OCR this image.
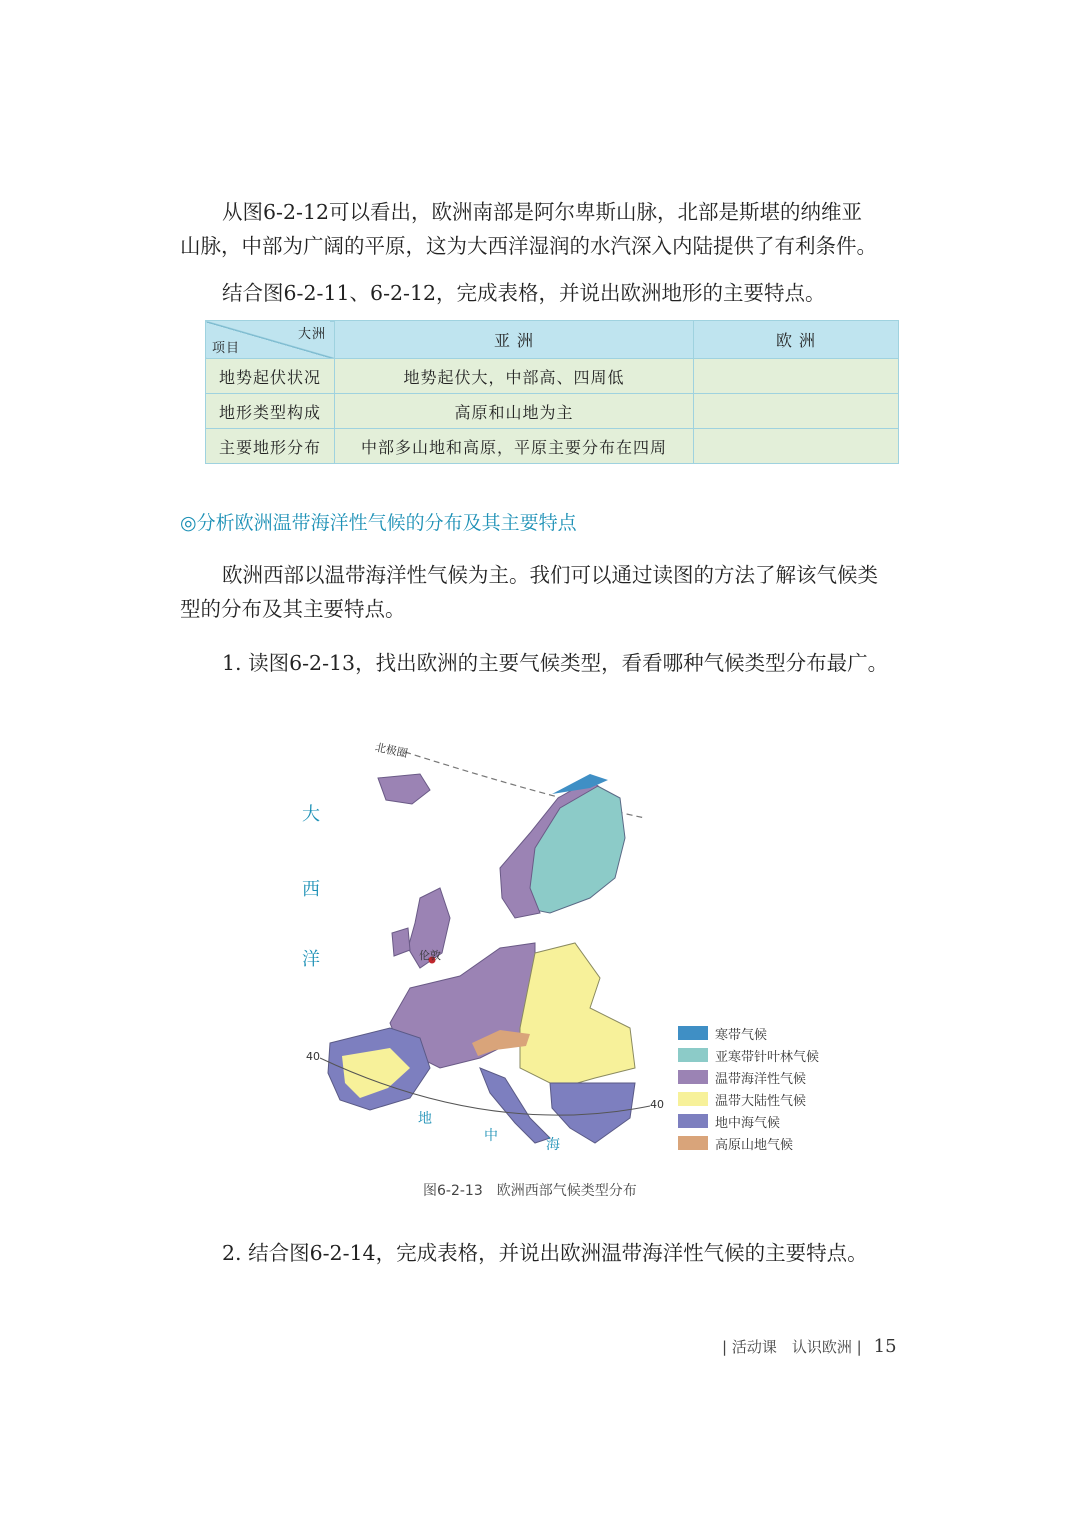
从图6-2-12可以看出，欧洲南部是阿尔卑斯山脉，北部是斯堪的纳维亚
山脉，中部为广阔的平原，这为大西洋湿润的水汽深入内陆提供了有利条件。

结合图6-2-11、6-2-12，完成表格，并说出欧洲地形的主要特点。

大洲
项目	亚 洲	欧 洲
地势起伏状况	地势起伏大，中部高、四周低	
地形类型构成	高原和山地为主	
主要地形分布	中部多山地和高原，平原主要分布在四周	
◎分析欧洲温带海洋性气候的分布及其主要特点

欧洲西部以温带海洋性气候为主。我们可以通过读图的方法了解该气候类
型的分布及其主要特点。

1. 读图6-2-13，找出欧洲的主要气候类型，看看哪种气候类型分布最广。

北极圈
大
西
洋
地
中
海
伦敦
40
40
寒带气候
亚寒带针叶林气候
温带海洋性气候
温带大陆性气候
地中海气候
高原山地气候
图6-2-13　欧洲西部气候类型分布

2. 结合图6-2-14，完成表格，并说出欧洲温带海洋性气候的主要特点。

| 活动课　认识欧洲 | 15
